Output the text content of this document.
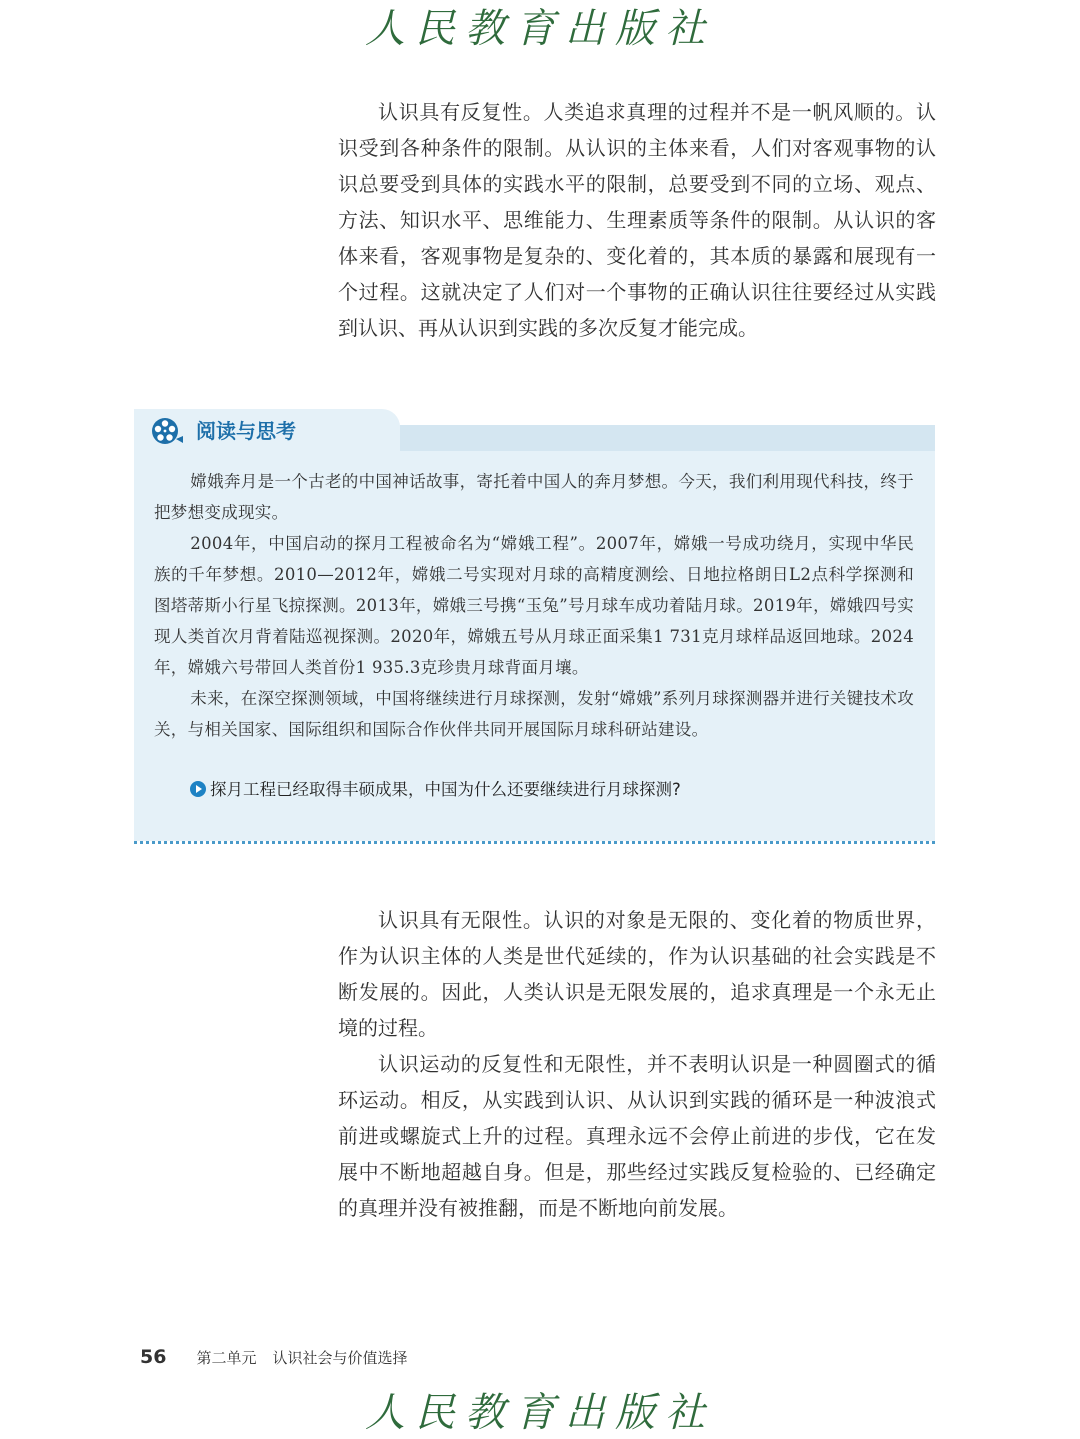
人民教育出版社

认识具有反复性。人类追求真理的过程并不是一帆风顺的。认识受到各种条件的限制。从认识的主体来看，人们对客观事物的认识总要受到具体的实践水平的限制，总要受到不同的立场、观点、方法、知识水平、思维能力、生理素质等条件的限制。从认识的客体来看，客观事物是复杂的、变化着的，其本质的暴露和展现有一个过程。这就决定了人们对一个事物的正确认识往往要经过从实践到认识、再从认识到实践的多次反复才能完成。

阅读与思考

嫦娥奔月是一个古老的中国神话故事，寄托着中国人的奔月梦想。今天，我们利用现代科技，终于把梦想变成现实。

2004年，中国启动的探月工程被命名为“嫦娥工程”。2007年，嫦娥一号成功绕月，实现中华民族的千年梦想。2010—2012年，嫦娥二号实现对月球的高精度测绘、日地拉格朗日L2点科学探测和图塔蒂斯小行星飞掠探测。2013年，嫦娥三号携“玉兔”号月球车成功着陆月球。2019年，嫦娥四号实现人类首次月背着陆巡视探测。2020年，嫦娥五号从月球正面采集1 731克月球样品返回地球。2024年，嫦娥六号带回人类首份1 935.3克珍贵月球背面月壤。

未来，在深空探测领域，中国将继续进行月球探测，发射“嫦娥”系列月球探测器并进行关键技术攻关，与相关国家、国际组织和国际合作伙伴共同开展国际月球科研站建设。

探月工程已经取得丰硕成果，中国为什么还要继续进行月球探测?

认识具有无限性。认识的对象是无限的、变化着的物质世界，作为认识主体的人类是世代延续的，作为认识基础的社会实践是不断发展的。因此，人类认识是无限发展的，追求真理是一个永无止境的过程。

认识运动的反复性和无限性，并不表明认识是一种圆圈式的循环运动。相反，从实践到认识、从认识到实践的循环是一种波浪式前进或螺旋式上升的过程。真理永远不会停止前进的步伐，它在发展中不断地超越自身。但是，那些经过实践反复检验的、已经确定的真理并没有被推翻，而是不断地向前发展。

56 第二单元 认识社会与价值选择
人民教育出版社
